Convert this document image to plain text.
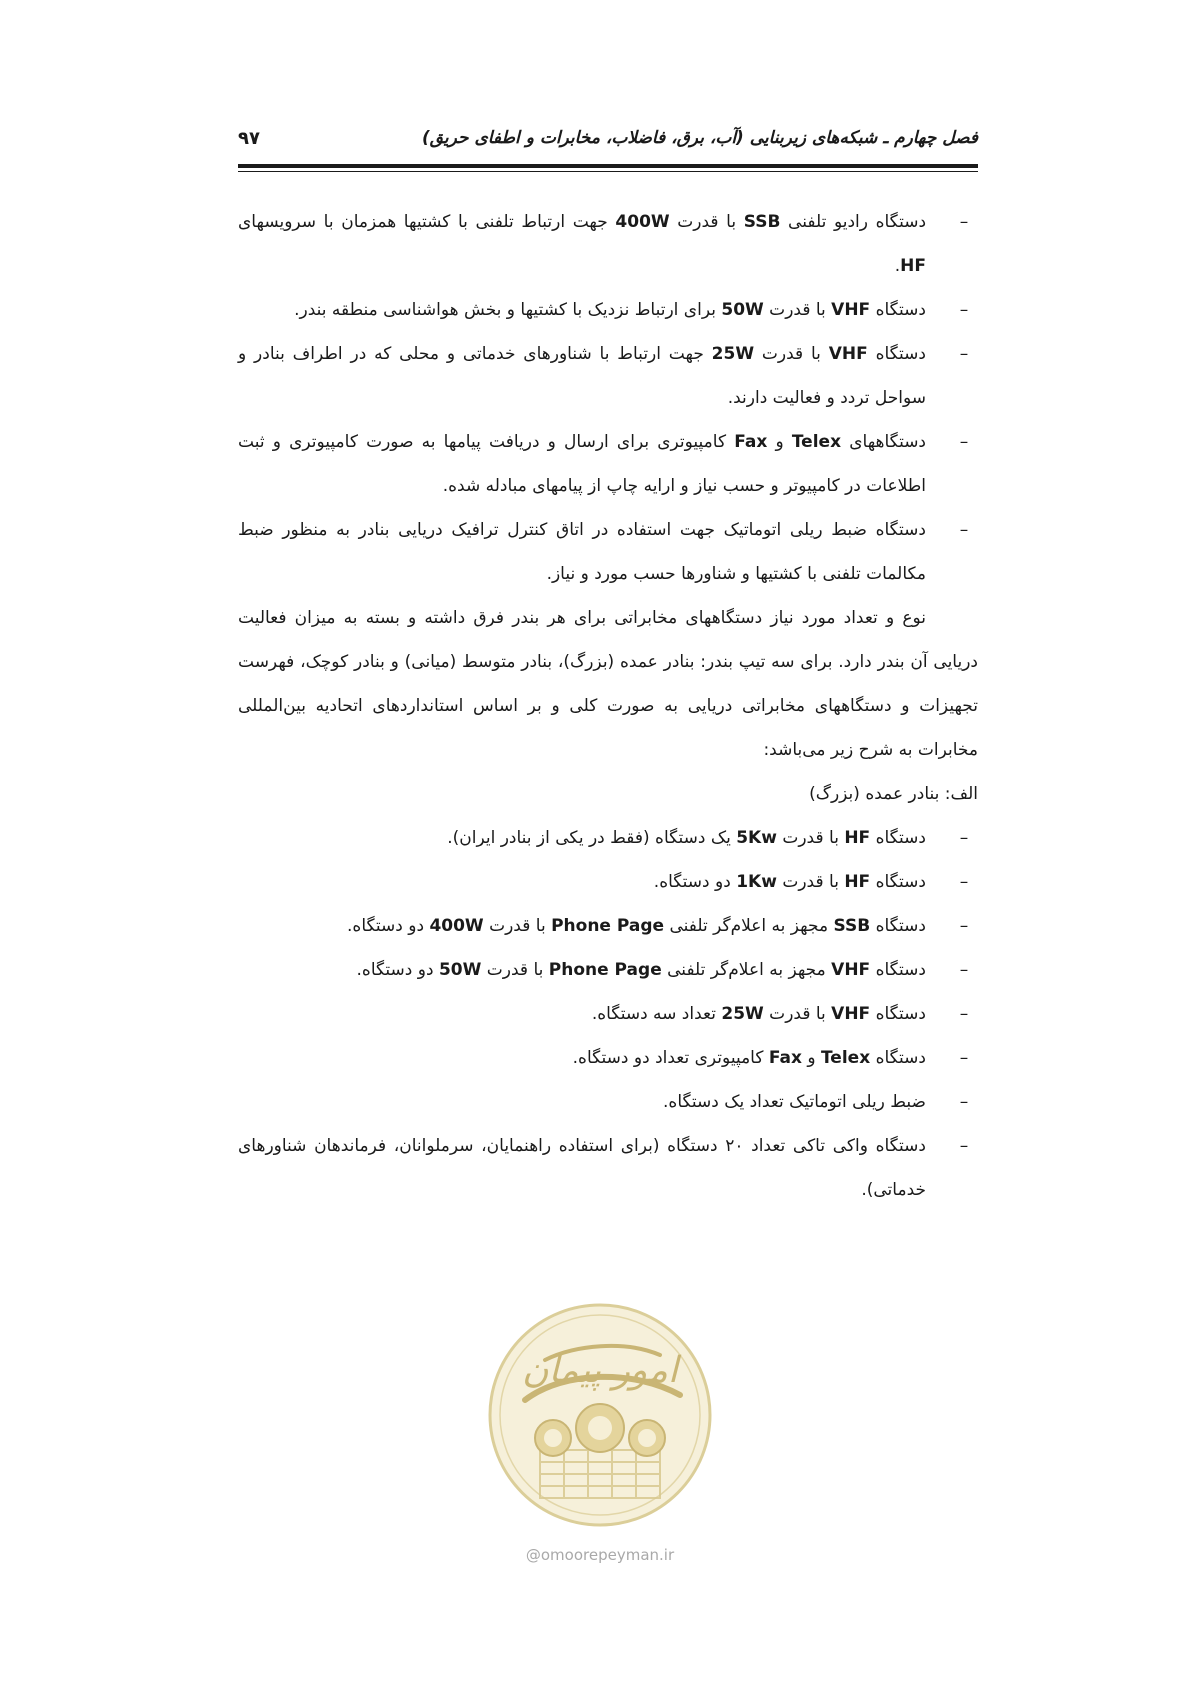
فصل چهارم ـ شبکه‌های زیربنایی (آب، برق، فاضلاب، مخابرات و اطفای حریق)
۹۷

–
دستگاه رادیو تلفنی SSB با قدرت 400W جهت ارتباط تلفنی با کشتیها همزمان با سرویسهای HF.

–
دستگاه VHF با قدرت 50W برای ارتباط نزدیک با کشتیها و بخش هواشناسی منطقه بندر.

–
دستگاه VHF با قدرت 25W جهت ارتباط با شناورهای خدماتی و محلی که در اطراف بنادر و سواحل تردد و فعالیت دارند.

–
دستگاههای Telex و Fax کامپیوتری برای ارسال و دریافت پیامها به صورت کامپیوتری و ثبت اطلاعات در کامپیوتر و حسب نیاز و ارایه چاپ از پیامهای مبادله شده.

–
دستگاه ضبط ریلی اتوماتیک جهت استفاده در اتاق کنترل ترافیک دریایی بنادر به منظور ضبط مکالمات تلفنی با کشتیها و شناورها حسب مورد و نیاز.

نوع و تعداد مورد نیاز دستگاههای مخابراتی برای هر بندر فرق داشته و بسته به میزان فعالیت دریایی آن بندر دارد. برای سه تیپ بندر: بنادر عمده (بزرگ)، بنادر متوسط (میانی) و بنادر کوچک، فهرست تجهیزات و دستگاههای مخابراتی دریایی به صورت کلی و بر اساس استانداردهای اتحادیه بین‌المللی مخابرات به شرح زیر می‌باشد:

الف: بنادر عمده (بزرگ)

–
دستگاه HF با قدرت 5Kw یک دستگاه (فقط در یکی از بنادر ایران).

–
دستگاه HF با قدرت 1Kw دو دستگاه.

–
دستگاه SSB مجهز به اعلام‌گر تلفنی Phone Page با قدرت 400W دو دستگاه.

–
دستگاه VHF مجهز به اعلام‌گر تلفنی Phone Page با قدرت 50W دو دستگاه.

–
دستگاه VHF با قدرت 25W تعداد سه دستگاه.

–
دستگاه Telex و Fax کامپیوتری تعداد دو دستگاه.

–
ضبط ریلی اتوماتیک تعداد یک دستگاه.

–
دستگاه واکی تاکی تعداد ۲۰ دستگاه (برای استفاده راهنمایان، سرملوانان، فرماندهان شناورهای خدماتی).

امور پیمان
@omoorepeyman.ir
